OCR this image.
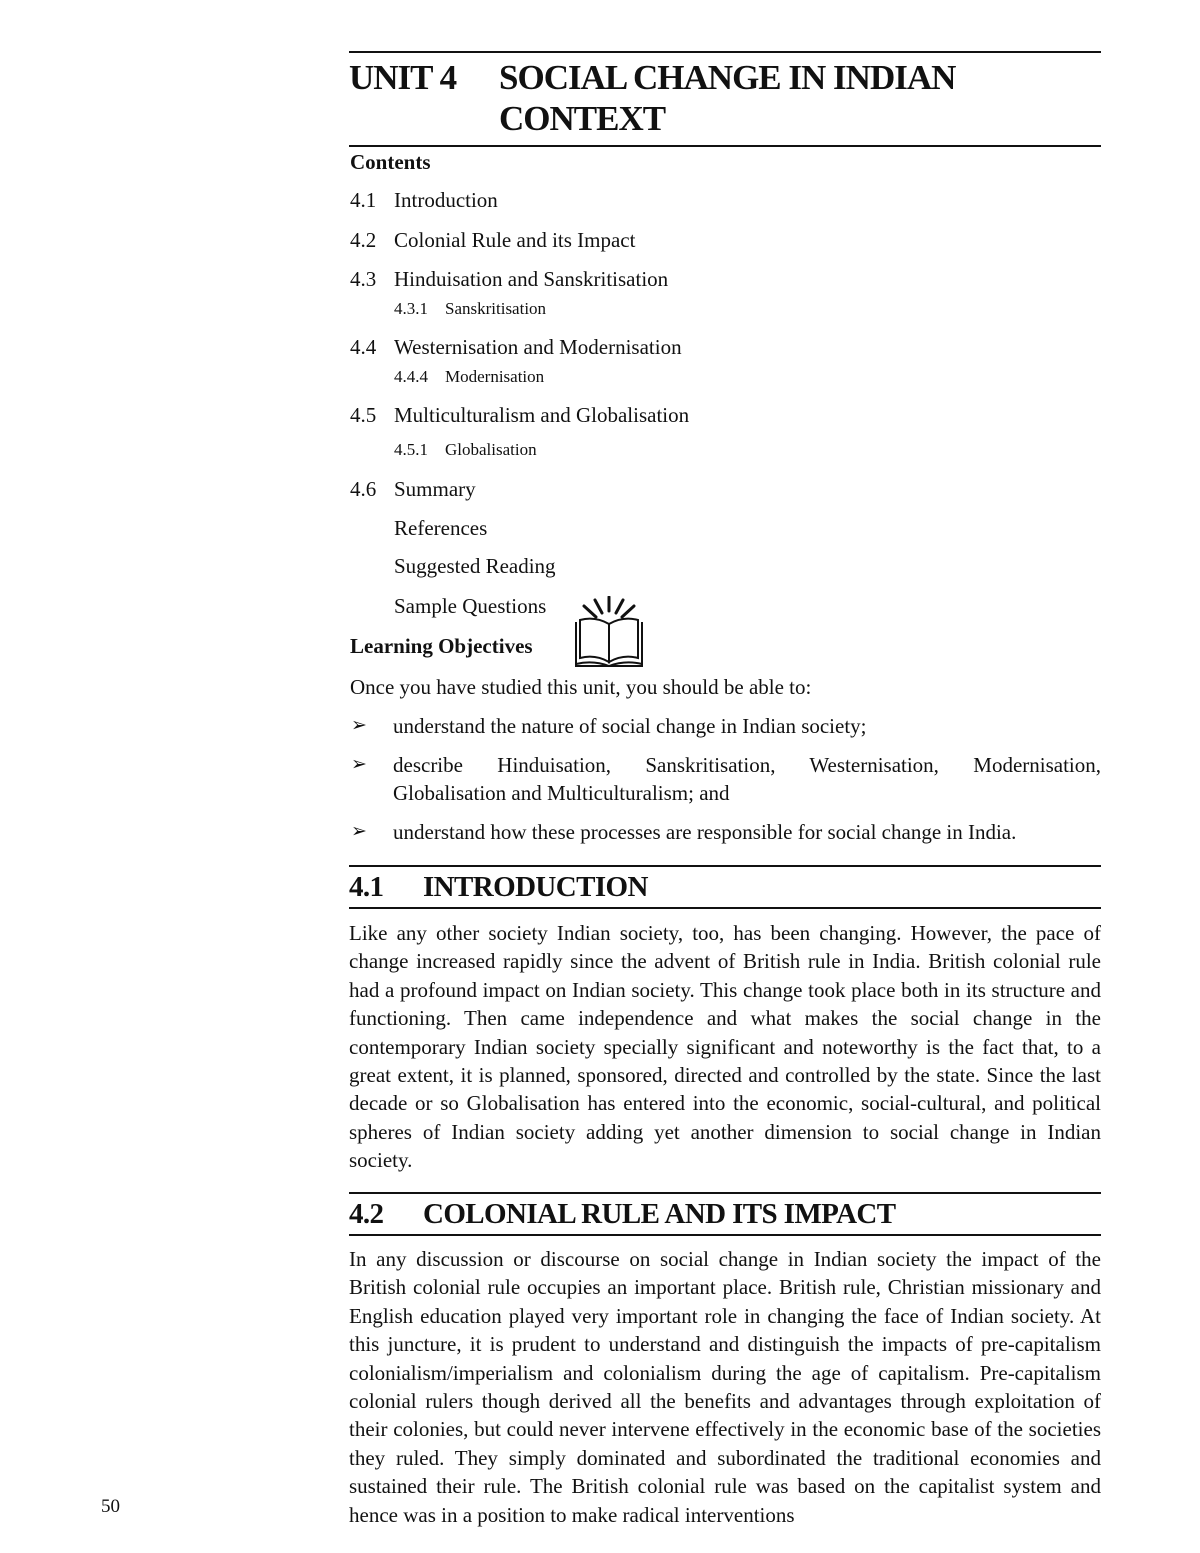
UNIT 4	SOCIAL CHANGE IN INDIAN
CONTEXT
Contents
4.1 Introduction
4.2 Colonial Rule and its Impact
4.3 Hinduisation and Sanskritisation
4.3.1 Sanskritisation
4.4 Westernisation and Modernisation
4.4.4 Modernisation
4.5 Multiculturalism and Globalisation
4.5.1 Globalisation
4.6 Summary
References
Suggested Reading
Sample Questions
Learning Objectives
Once you have studied this unit, you should be able to:
➢ understand the nature of social change in Indian society;
➢ describe Hinduisation, Sanskritisation, Westernisation, Modernisation, Globalisation and Multiculturalism; and
➢ understand how these processes are responsible for social change in India.
4.1	INTRODUCTION
Like any other society Indian society, too, has been changing. However, the pace of change increased rapidly since the advent of British rule in India. British colonial rule had a profound impact on Indian society. This change took place both in its structure and functioning. Then came independence and what makes the social change in the contemporary Indian society specially significant and noteworthy is the fact that, to a great extent, it is planned, sponsored, directed and controlled by the state. Since the last decade or so Globalisation has entered into the economic, social-cultural, and political spheres of Indian society adding yet another dimension to social change in Indian society.
4.2	COLONIAL RULE AND ITS IMPACT
In any discussion or discourse on social change in Indian society the impact of the British colonial rule occupies an important place. British rule, Christian missionary and English education played very important role in changing the face of Indian society. At this juncture, it is prudent to understand and distinguish the impacts of pre-capitalism colonialism/imperialism and colonialism during the age of capitalism. Pre-capitalism colonial rulers though derived all the benefits and advantages through exploitation of their colonies, but could never intervene effectively in the economic base of the societies they ruled. They simply dominated and subordinated the traditional economies and sustained their rule. The British colonial rule was based on the capitalist system and hence was in a position to make radical interventions
50
